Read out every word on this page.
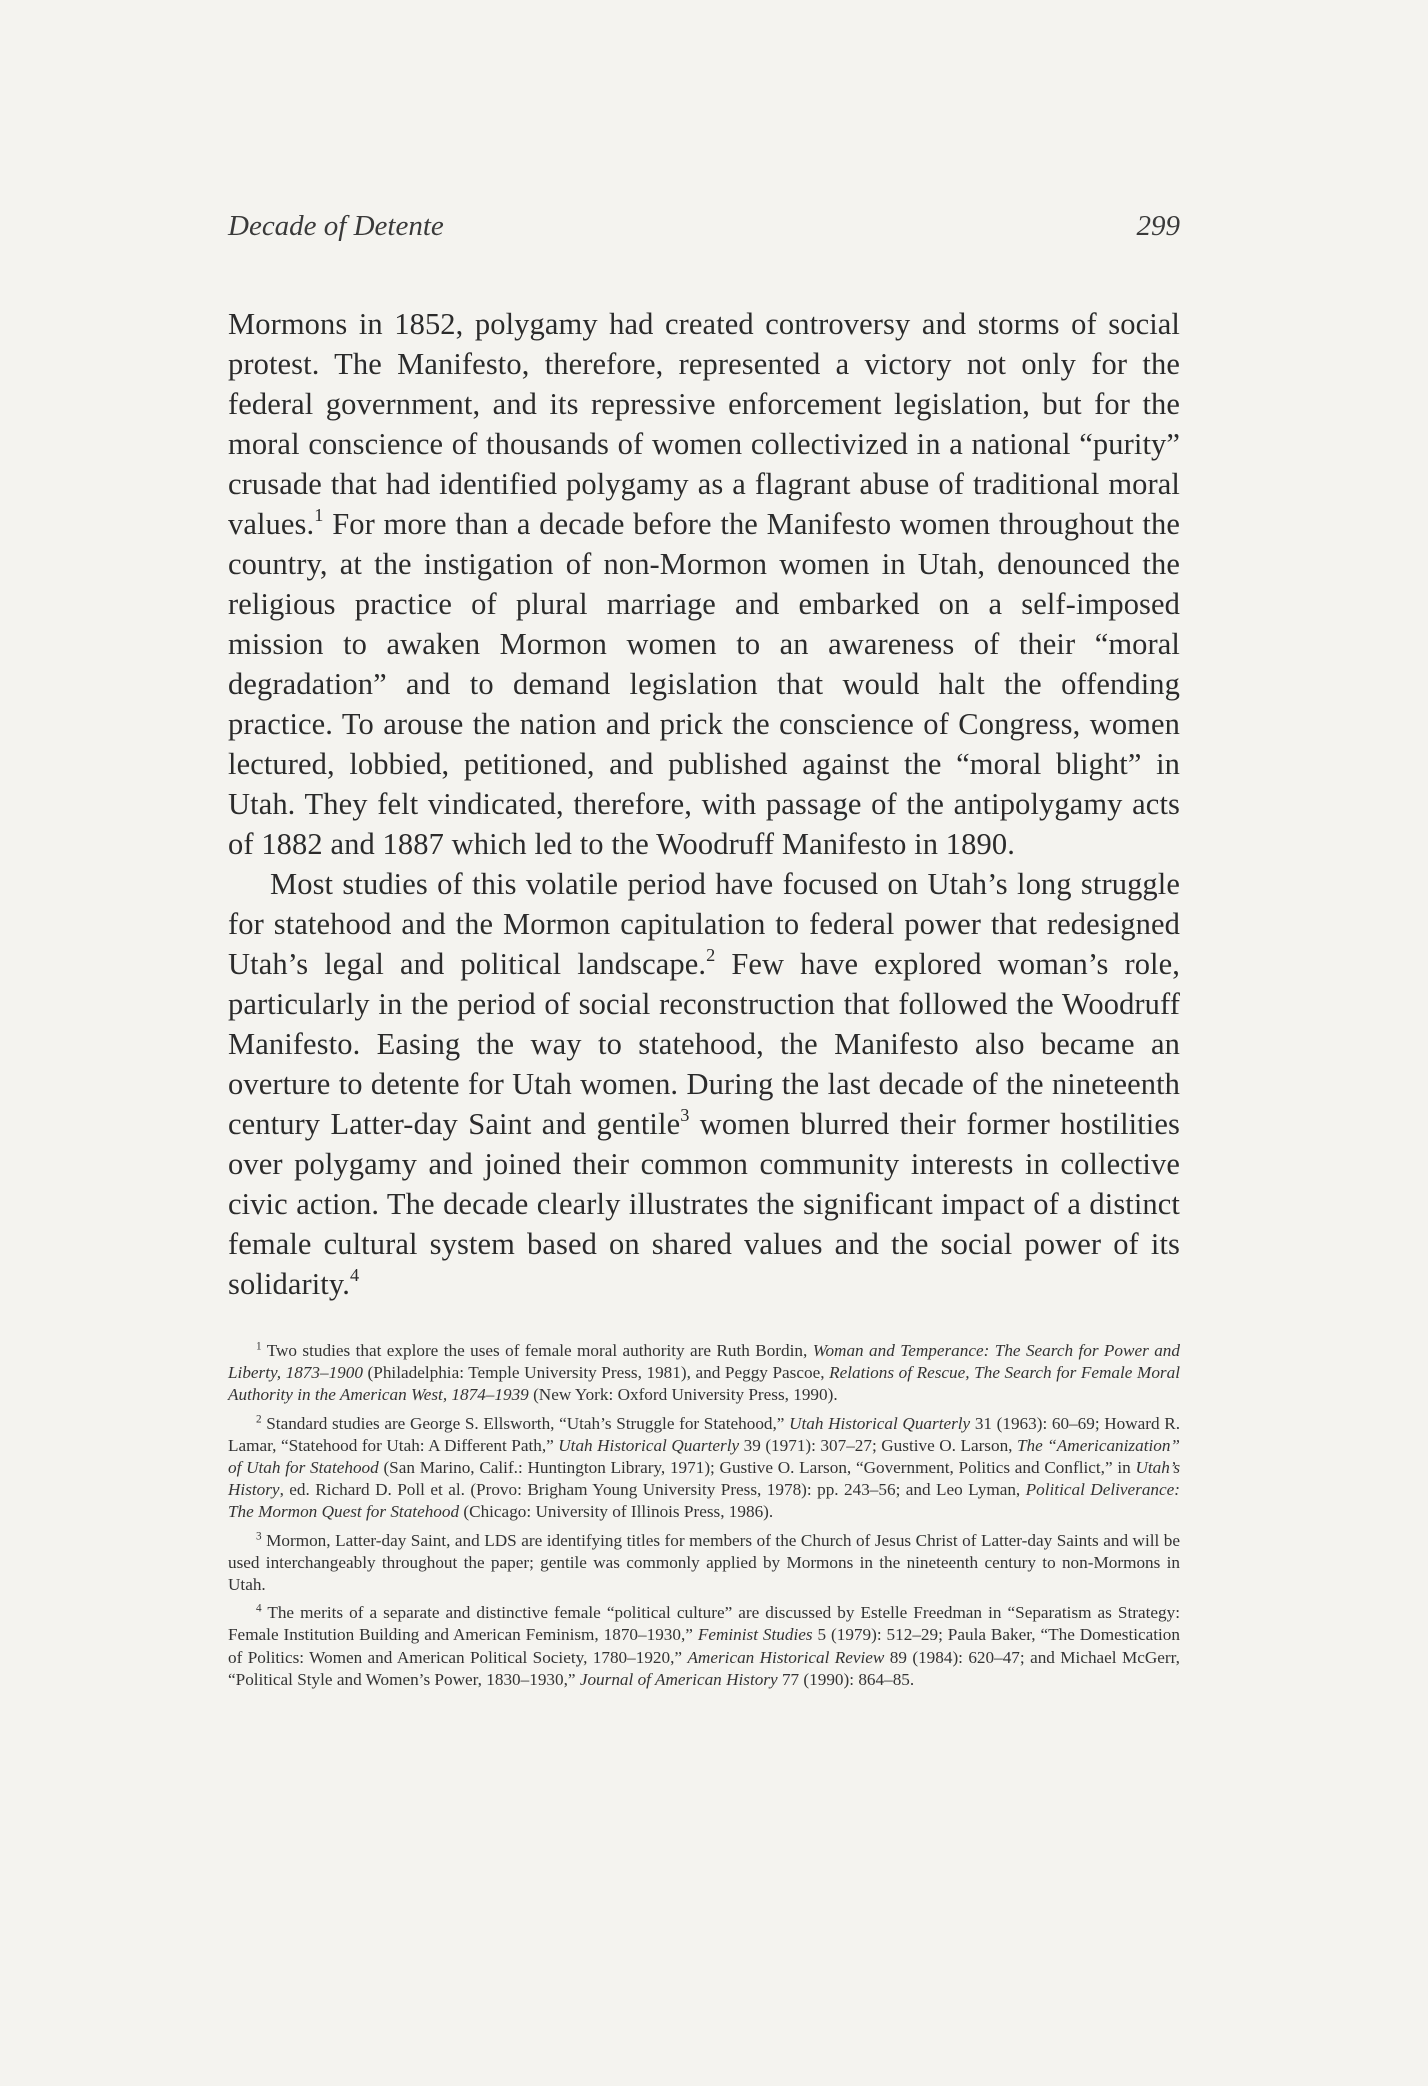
Decade of Detente	299

Mormons in 1852, polygamy had created controversy and storms of social protest. The Manifesto, therefore, represented a victory not only for the federal government, and its repressive enforcement legislation, but for the moral conscience of thousands of women collectivized in a national “purity” crusade that had identified polygamy as a flagrant abuse of traditional moral values.$^1$ For more than a decade before the Manifesto women throughout the country, at the instigation of non-Mormon women in Utah, denounced the religious practice of plural marriage and embarked on a self-imposed mission to awaken Mormon women to an awareness of their “moral degradation” and to demand legislation that would halt the offending practice. To arouse the nation and prick the conscience of Congress, women lectured, lobbied, petitioned, and published against the “moral blight” in Utah. They felt vindicated, therefore, with passage of the antipolygamy acts of 1882 and 1887 which led to the Woodruff Manifesto in 1890.

Most studies of this volatile period have focused on Utah’s long struggle for statehood and the Mormon capitulation to federal power that redesigned Utah’s legal and political landscape.$^2$ Few have explored woman’s role, particularly in the period of social reconstruction that followed the Woodruff Manifesto. Easing the way to statehood, the Manifesto also became an overture to detente for Utah women. During the last decade of the nineteenth century Latter-day Saint and gentile$^3$ women blurred their former hostilities over polygamy and joined their common community interests in collective civic action. The decade clearly illustrates the significant impact of a distinct female cultural system based on shared values and the social power of its solidarity.$^4$

$^1$ Two studies that explore the uses of female moral authority are Ruth Bordin, Woman and Temperance: The Search for Power and Liberty, 1873–1900 (Philadelphia: Temple University Press, 1981), and Peggy Pascoe, Relations of Rescue, The Search for Female Moral Authority in the American West, 1874–1939 (New York: Oxford University Press, 1990).

$^2$ Standard studies are George S. Ellsworth, “Utah’s Struggle for Statehood,” Utah Historical Quarterly 31 (1963): 60–69; Howard R. Lamar, “Statehood for Utah: A Different Path,” Utah Historical Quarterly 39 (1971): 307–27; Gustive O. Larson, The “Americanization” of Utah for Statehood (San Marino, Calif.: Huntington Library, 1971); Gustive O. Larson, “Government, Politics and Conflict,” in Utah’s History, ed. Richard D. Poll et al. (Provo: Brigham Young University Press, 1978): pp. 243–56; and Leo Lyman, Political Deliverance: The Mormon Quest for Statehood (Chicago: University of Illinois Press, 1986).

$^3$ Mormon, Latter-day Saint, and LDS are identifying titles for members of the Church of Jesus Christ of Latter-day Saints and will be used interchangeably throughout the paper; gentile was commonly applied by Mormons in the nineteenth century to non-Mormons in Utah.

$^4$ The merits of a separate and distinctive female “political culture” are discussed by Estelle Freedman in “Separatism as Strategy: Female Institution Building and American Feminism, 1870–1930,” Feminist Studies 5 (1979): 512–29; Paula Baker, “The Domestication of Politics: Women and American Political Society, 1780–1920,” American Historical Review 89 (1984): 620–47; and Michael McGerr, “Political Style and Women’s Power, 1830–1930,” Journal of American History 77 (1990): 864–85.
